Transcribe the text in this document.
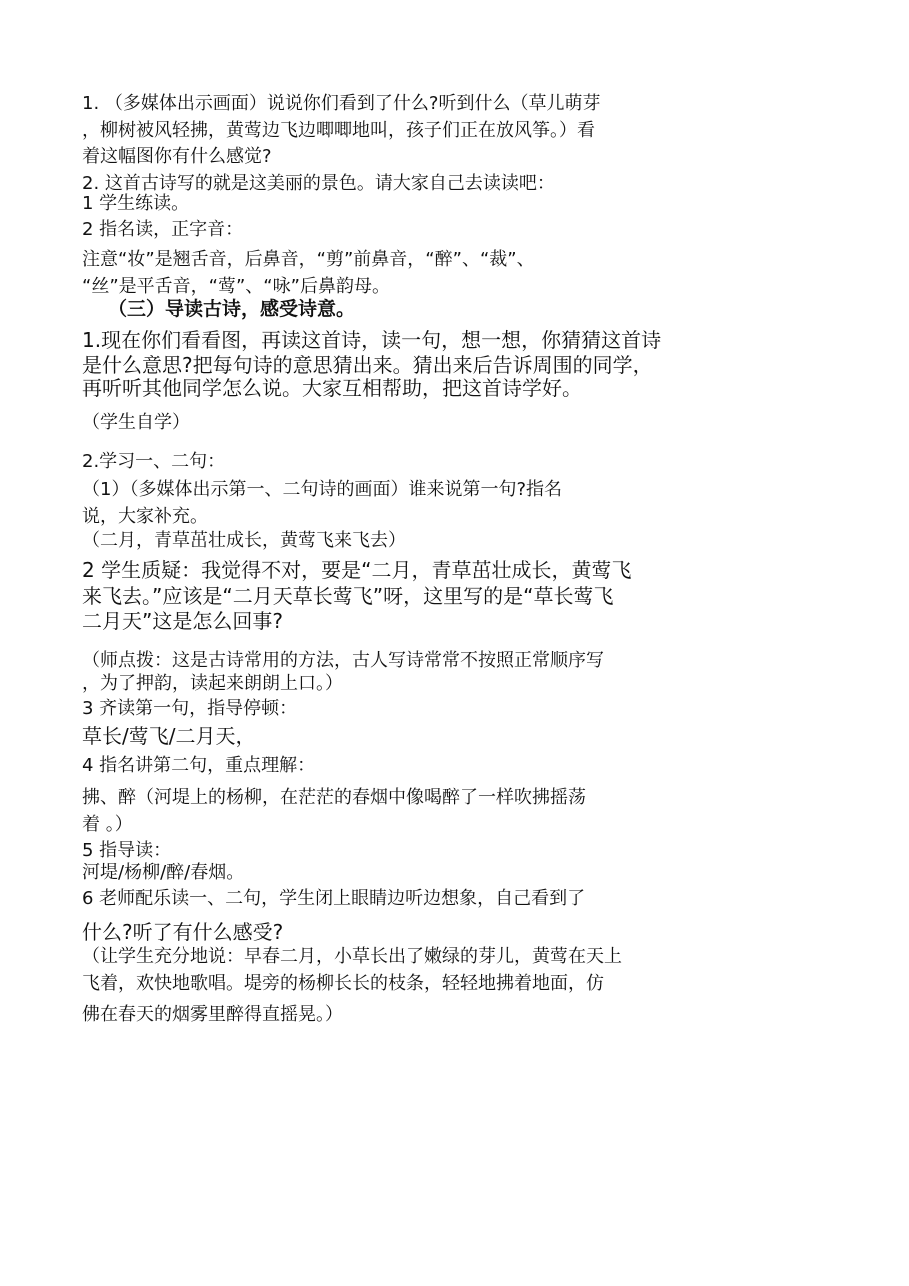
1. （多媒体出示画面）说说你们看到了什么?听到什么（草儿萌芽
，柳树被风轻拂，黄莺边飞边唧唧地叫，孩子们正在放风筝。）看
着这幅图你有什么感觉?
2. 这首古诗写的就是这美丽的景色。请大家自己去读读吧：
1 学生练读。
2 指名读，正字音：
注意“妆”是翘舌音，后鼻音，“剪”前鼻音，“醉”、“裁”、
“丝”是平舌音，“莺”、“咏”后鼻韵母。
（三）导读古诗，感受诗意。
1.现在你们看看图，再读这首诗，读一句，想一想，你猜猜这首诗
是什么意思?把每句诗的意思猜出来。猜出来后告诉周围的同学，
再听听其他同学怎么说。大家互相帮助，把这首诗学好。
（学生自学）
2.学习一、二句：
（1）（多媒体出示第一、二句诗的画面）谁来说第一句?指名
说，大家补充。
（二月，青草茁壮成长，黄莺飞来飞去）
2 学生质疑：我觉得不对，要是“二月，青草茁壮成长，黄莺飞
来飞去。”应该是“二月天草长莺飞”呀，这里写的是“草长莺飞
二月天”这是怎么回事?
（师点拨：这是古诗常用的方法，古人写诗常常不按照正常顺序写
，为了押韵，读起来朗朗上口。）
3 齐读第一句，指导停顿：
草长/莺飞/二月天，
4 指名讲第二句，重点理解：
拂、醉（河堤上的杨柳，在茫茫的春烟中像喝醉了一样吹拂摇荡
着 。）
5 指导读：
河堤/杨柳/醉/春烟。
6 老师配乐读一、二句，学生闭上眼睛边听边想象，自己看到了
什么?听了有什么感受?
（让学生充分地说：早春二月，小草长出了嫩绿的芽儿，黄莺在天上
飞着，欢快地歌唱。堤旁的杨柳长长的枝条，轻轻地拂着地面，仿
佛在春天的烟雾里醉得直摇晃。）
